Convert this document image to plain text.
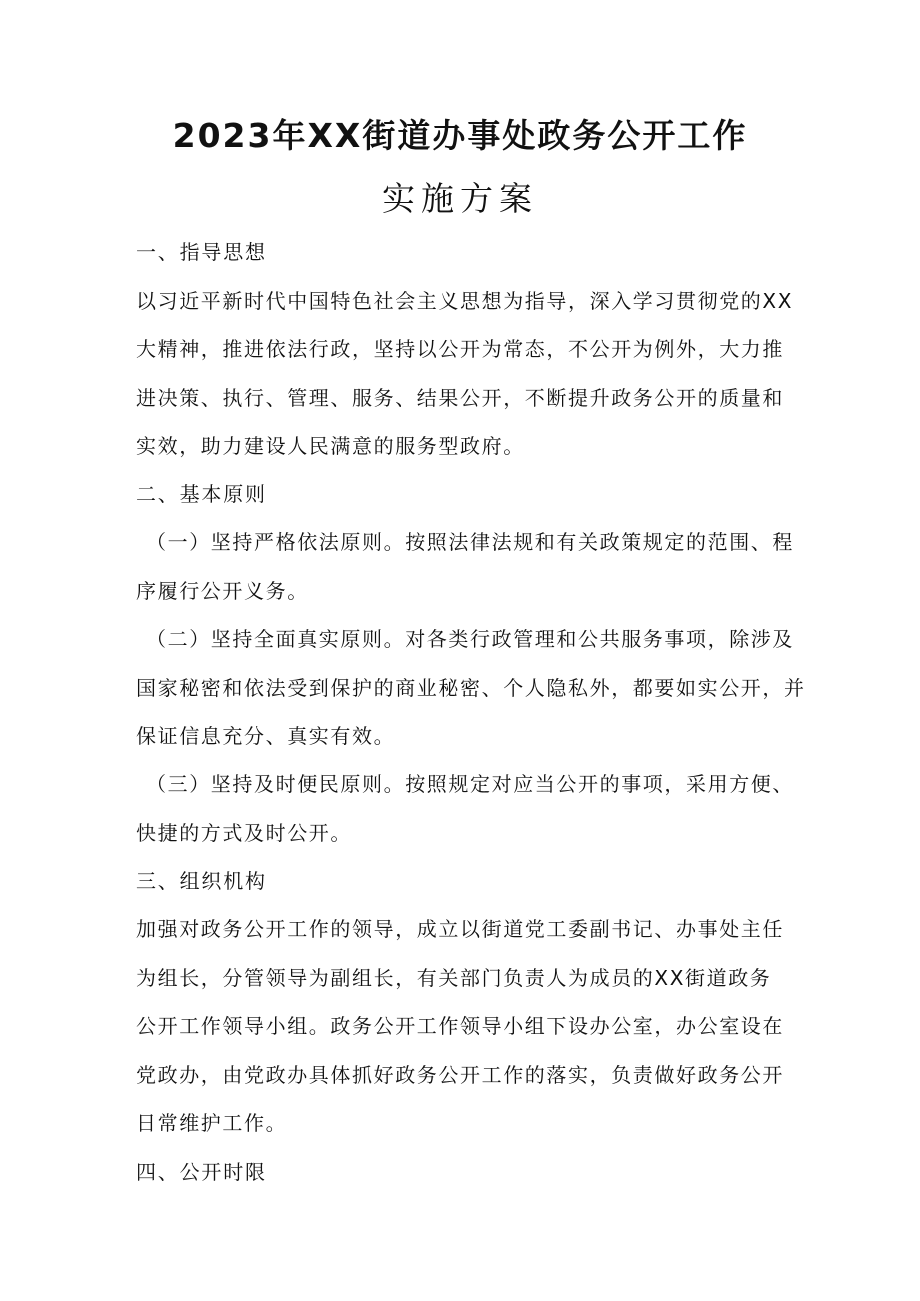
2023年XX街道办事处政务公开工作
实施方案
一、指导思想
以习近平新时代中国特色社会主义思想为指导，深入学习贯彻党的XX
大精神，推进依法行政，坚持以公开为常态，不公开为例外，大力推
进决策、执行、管理、服务、结果公开，不断提升政务公开的质量和
实效，助力建设人民满意的服务型政府。
二、基本原则
（一）坚持严格依法原则。按照法律法规和有关政策规定的范围、程
序履行公开义务。
（二）坚持全面真实原则。对各类行政管理和公共服务事项，除涉及
国家秘密和依法受到保护的商业秘密、个人隐私外，都要如实公开，并
保证信息充分、真实有效。
（三）坚持及时便民原则。按照规定对应当公开的事项，采用方便、
快捷的方式及时公开。
三、组织机构
加强对政务公开工作的领导，成立以街道党工委副书记、办事处主任
为组长，分管领导为副组长，有关部门负责人为成员的XX街道政务
公开工作领导小组。政务公开工作领导小组下设办公室，办公室设在
党政办，由党政办具体抓好政务公开工作的落实，负责做好政务公开
日常维护工作。
四、公开时限
